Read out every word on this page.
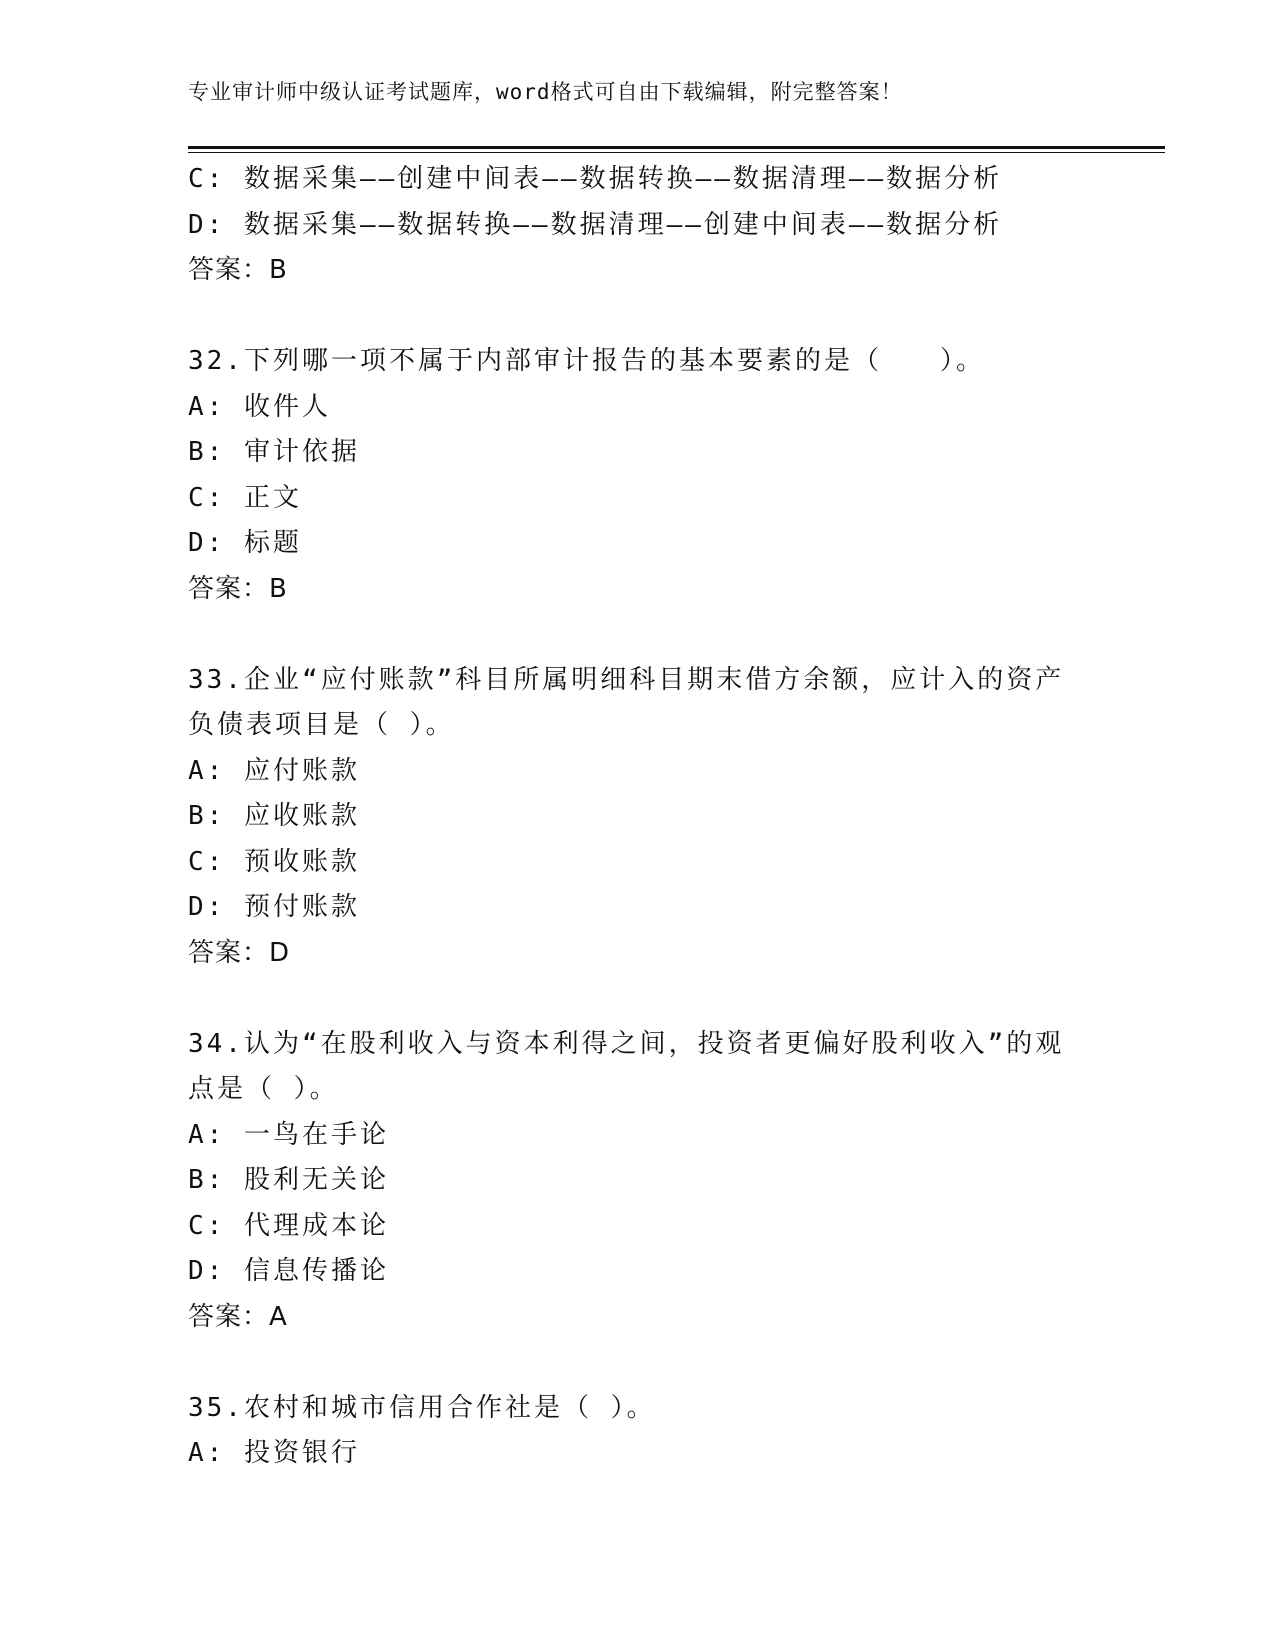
专业审计师中级认证考试题库，word格式可自由下载编辑，附完整答案！
C: 数据采集——创建中间表——数据转换——数据清理——数据分析
D: 数据采集——数据转换——数据清理——创建中间表——数据分析
答案：B
32.下列哪一项不属于内部审计报告的基本要素的是（　　）。
A: 收件人
B: 审计依据
C: 正文
D: 标题
答案：B
33.企业“应付账款”科目所属明细科目期末借方余额，应计入的资产
负债表项目是（ ）。
A: 应付账款
B: 应收账款
C: 预收账款
D: 预付账款
答案：D
34.认为“在股利收入与资本利得之间，投资者更偏好股利收入”的观
点是（ ）。
A: 一鸟在手论
B: 股利无关论
C: 代理成本论
D: 信息传播论
答案：A
35.农村和城市信用合作社是（ ）。
A: 投资银行
